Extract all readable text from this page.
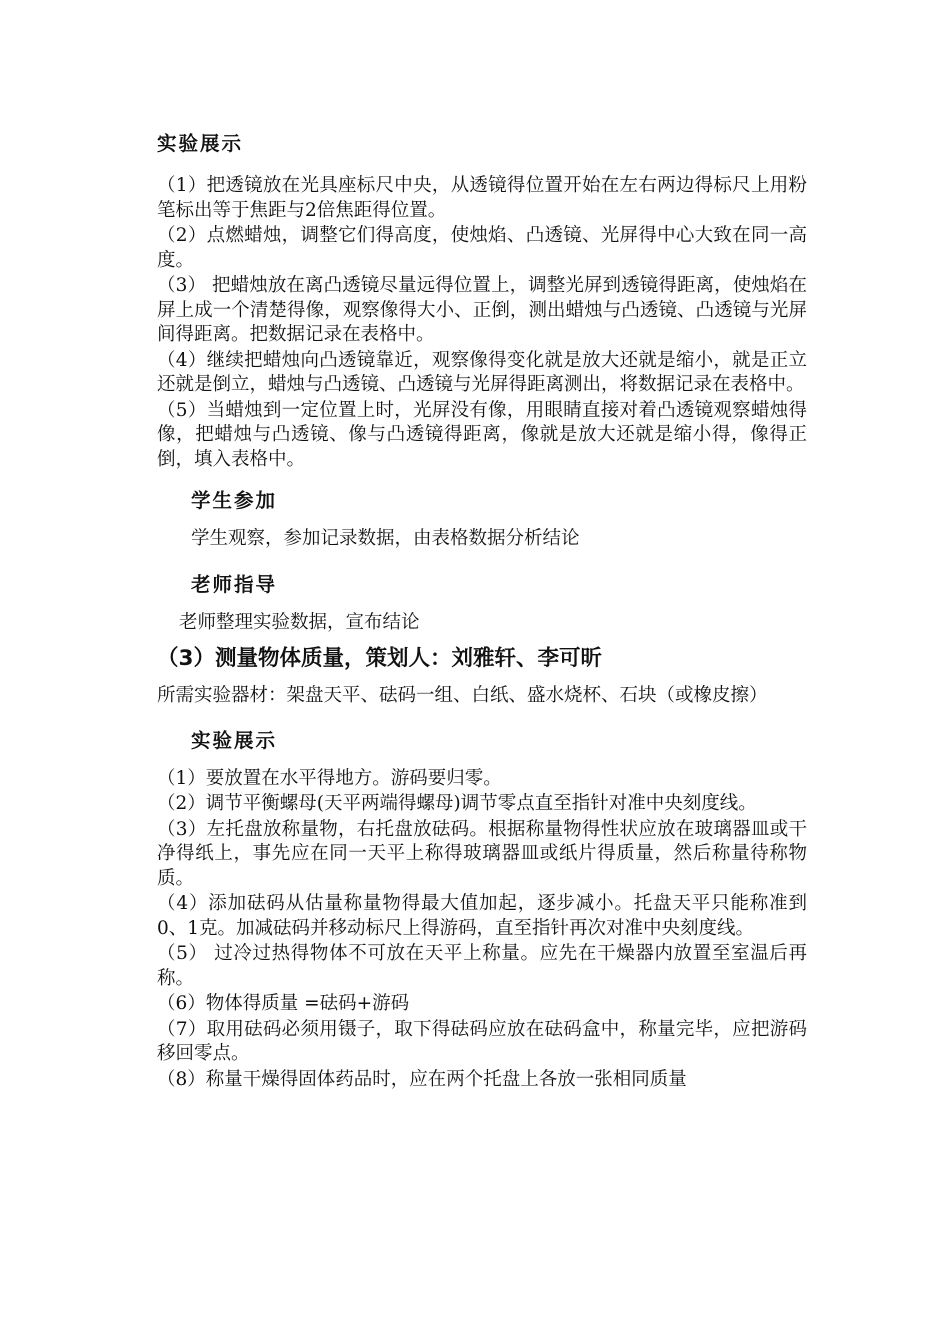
实验展示

（1）把透镜放在光具座标尺中央，从透镜得位置开始在左右两边得标尺上用粉笔标出等于焦距与2倍焦距得位置。

（2）点燃蜡烛，调整它们得高度，使烛焰、凸透镜、光屏得中心大致在同一高度。

（3） 把蜡烛放在离凸透镜尽量远得位置上，调整光屏到透镜得距离，使烛焰在屏上成一个清楚得像，观察像得大小、正倒，测出蜡烛与凸透镜、凸透镜与光屏间得距离。把数据记录在表格中。

（4）继续把蜡烛向凸透镜靠近，观察像得变化就是放大还就是缩小，就是正立还就是倒立，蜡烛与凸透镜、凸透镜与光屏得距离测出，将数据记录在表格中。

（5）当蜡烛到一定位置上时，光屏没有像，用眼睛直接对着凸透镜观察蜡烛得像，把蜡烛与凸透镜、像与凸透镜得距离，像就是放大还就是缩小得，像得正倒，填入表格中。

学生参加

学生观察，参加记录数据，由表格数据分析结论

老师指导

老师整理实验数据，宣布结论

（3）测量物体质量，策划人：刘雅轩、李可昕

所需实验器材：架盘天平、砝码一组、白纸、盛水烧杯、石块（或橡皮擦）

实验展示

（1）要放置在水平得地方。游码要归零。

（2）调节平衡螺母(天平两端得螺母)调节零点直至指针对准中央刻度线。

（3）左托盘放称量物，右托盘放砝码。根据称量物得性状应放在玻璃器皿或干净得纸上，事先应在同一天平上称得玻璃器皿或纸片得质量，然后称量待称物质。

（4）添加砝码从估量称量物得最大值加起，逐步减小。托盘天平只能称准到0、1克。加减砝码并移动标尺上得游码，直至指针再次对准中央刻度线。

（5） 过冷过热得物体不可放在天平上称量。应先在干燥器内放置至室温后再称。

（6）物体得质量 =砝码+游码

（7）取用砝码必须用镊子，取下得砝码应放在砝码盒中，称量完毕，应把游码移回零点。

（8）称量干燥得固体药品时，应在两个托盘上各放一张相同质量
